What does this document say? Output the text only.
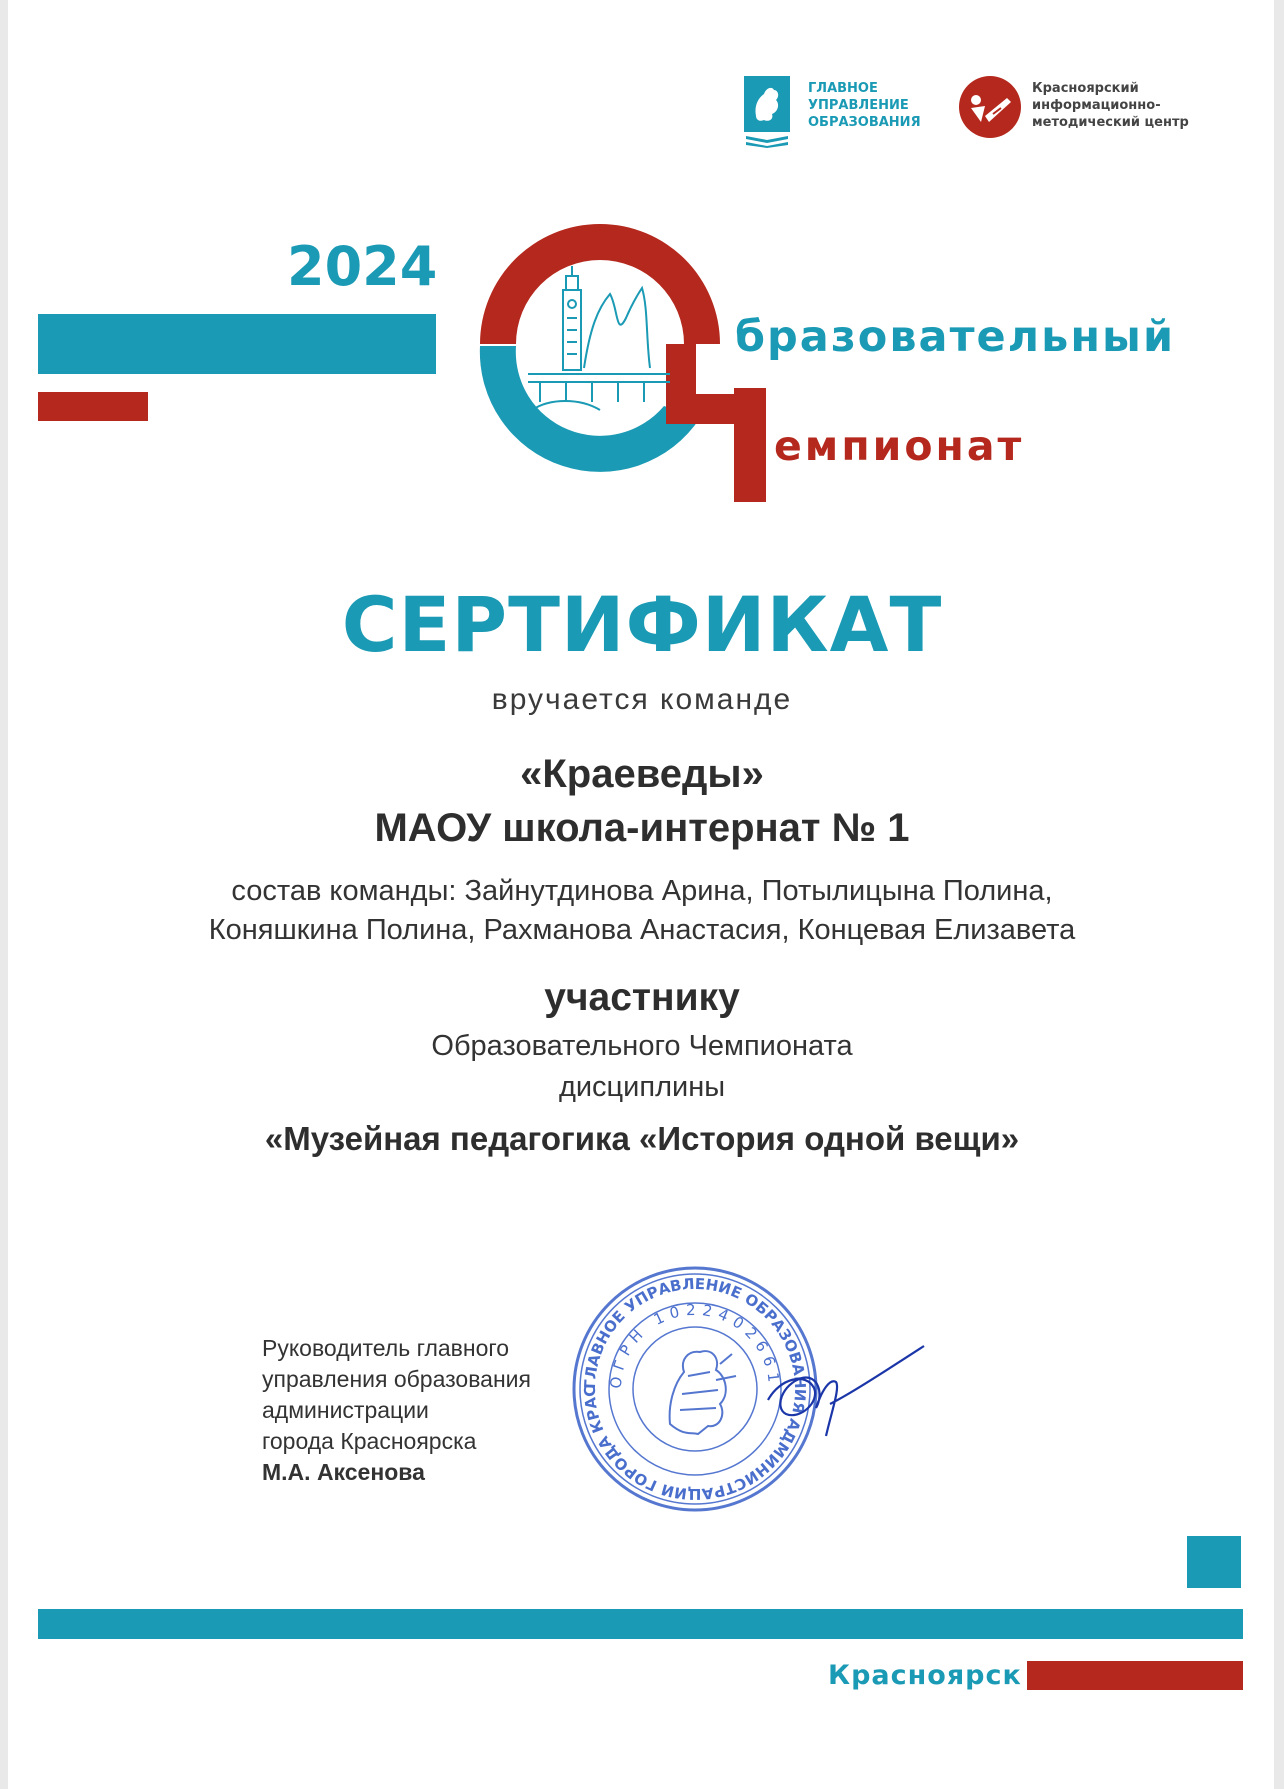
ГЛАВНОЕ
УПРАВЛЕНИЕ
ОБРАЗОВАНИЯ
Красноярский
информационно-
методический центр
2024
бразовательный
емпионат
СЕРТИФИКАТ
вручается команде
«Краеведы»
МАОУ школа-интернат № 1
состав команды: Зайнутдинова Арина, Потылицына Полина,
Коняшкина Полина, Рахманова Анастасия, Концевая Елизавета
участнику
Образовательного Чемпионата
дисциплины
«Музейная педагогика «История одной вещи»
Руководитель главного
управления образования
администрации
города Красноярска
М.А. Аксенова
ГЛАВНОЕ УПРАВЛЕНИЕ ОБРАЗОВАНИЯ АДМИНИСТРАЦИИ ГОРОДА КРАС
ОГРН 1022402661
Красноярск
